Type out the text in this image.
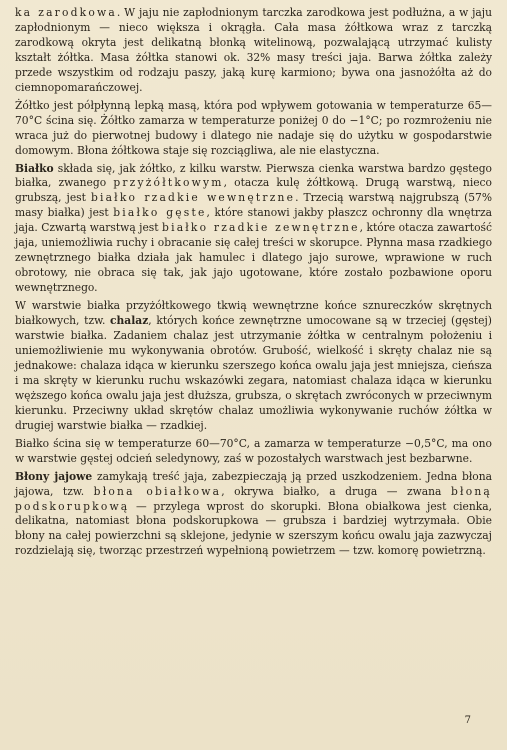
ka zarodkowa. W jaju nie zapłodnionym tarczka zarodkowa jest podłużna, a w jaju zapłodnionym — nieco większa i okrągła. Cała masa żółtkowa wraz z tarczką zarodkową okryta jest delikatną błonką witelinową, pozwalającą utrzymać kulisty kształt żółtka. Masa żółtka stanowi ok. 32% masy treści jaja. Barwa żółtka zależy przede wszystkim od rodzaju paszy, jaką kurę karmiono; bywa ona jasnożółta aż do ciemnopomarańczowej.

Żółtko jest półpłynną lepką masą, która pod wpływem gotowania w temperaturze 65—70°C ścina się. Żółtko zamarza w temperaturze poniżej 0 do −1°C; po rozmrożeniu nie wraca już do pierwotnej budowy i dlatego nie nadaje się do użytku w gospodarstwie domowym. Błona żółtkowa staje się rozciągliwa, ale nie elastyczna.

Białko składa się, jak żółtko, z kilku warstw. Pierwsza cienka warstwa bardzo gęstego białka, zwanego przyżółtkowym, otacza kulę żółtkową. Drugą warstwą, nieco grubszą, jest białko rzadkie wewnętrzne. Trzecią warstwą najgrubszą (57% masy białka) jest białko gęste, które stanowi jakby płaszcz ochronny dla wnętrza jaja. Czwartą warstwą jest białko rzadkie zewnętrzne, które otacza zawartość jaja, uniemożliwia ruchy i obracanie się całej treści w skorupce. Płynna masa rzadkiego zewnętrznego białka działa jak hamulec i dlatego jajo surowe, wprawione w ruch obrotowy, nie obraca się tak, jak jajo ugotowane, które zostało pozbawione oporu wewnętrznego.

W warstwie białka przyżółtkowego tkwią wewnętrzne końce sznureczków skrętnych białkowych, tzw. chalaz, których końce zewnętrzne umocowane są w trzeciej (gęstej) warstwie białka. Zadaniem chalaz jest utrzymanie żółtka w centralnym położeniu i uniemożliwienie mu wykonywania obrotów. Grubość, wielkość i skręty chalaz nie są jednakowe: chalaza idąca w kierunku szerszego końca owalu jaja jest mniejsza, cieńsza i ma skręty w kierunku ruchu wskazówki zegara, natomiast chalaza idąca w kierunku węższego końca owalu jaja jest dłuższa, grubsza, o skrętach zwróconych w przeciwnym kierunku. Przeciwny układ skrętów chalaz umożliwia wykonywanie ruchów żółtka w drugiej warstwie białka — rzadkiej.

Białko ścina się w temperaturze 60—70°C, a zamarza w temperaturze −0,5°C, ma ono w warstwie gęstej odcień seledynowy, zaś w pozostałych warstwach jest bezbarwne.

Błony jajowe zamykają treść jaja, zabezpieczają ją przed uszkodzeniem. Jedna błona jajowa, tzw. błona obiałkowa, okrywa białko, a druga — zwana błoną podskorupkową — przylega wprost do skorupki. Błona obiałkowa jest cienka, delikatna, natomiast błona podskorupkowa — grubsza i bardziej wytrzymała. Obie błony na całej powierzchni są sklejone, jedynie w szerszym końcu owalu jaja zazwyczaj rozdzielają się, tworząc przestrzeń wypełnioną powietrzem — tzw. komorę powietrzną.

7
